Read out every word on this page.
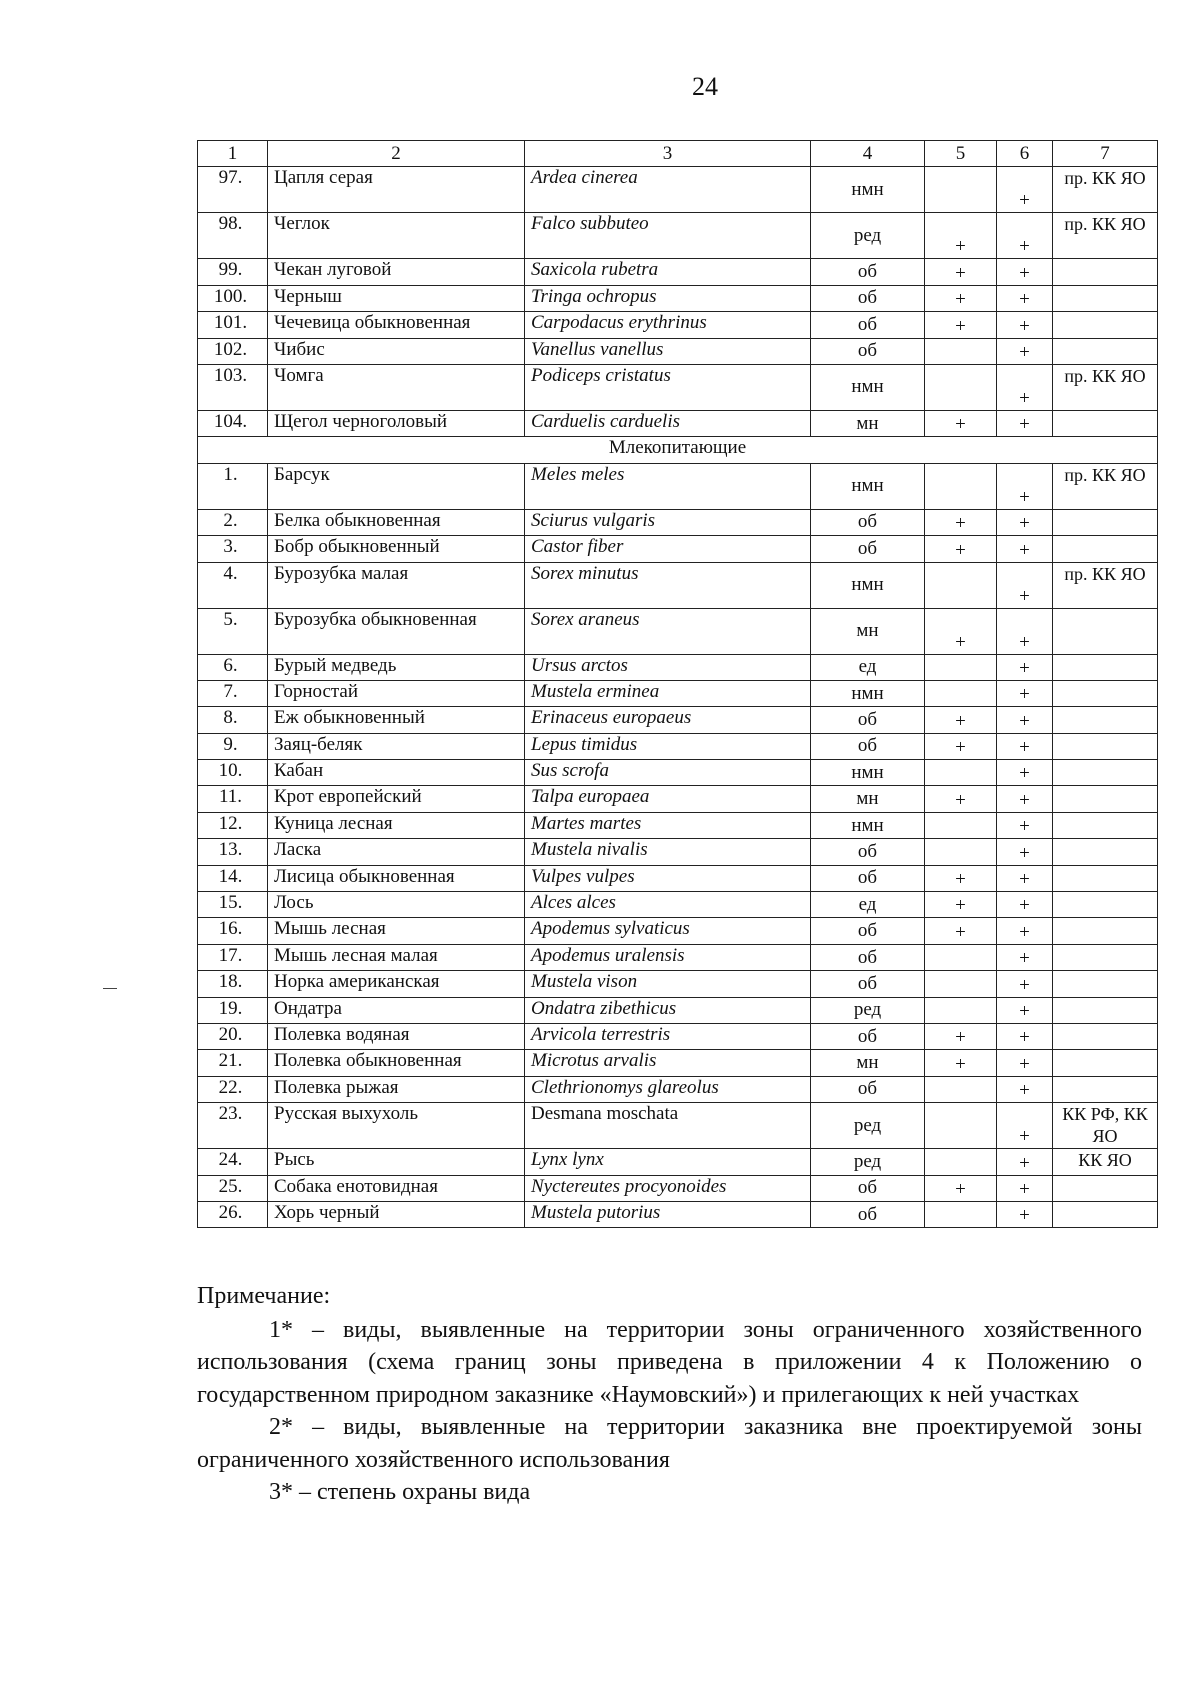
24
1	2	3	4	5	6	7
97.	Цапля серая	Ardea cinerea	нмн		+	пр. КК ЯО
98.	Чеглок	Falco subbuteo	ред	+	+	пр. КК ЯО
99.	Чекан луговой	Saxicola rubetra	об	+	+	
100.	Черныш	Tringa ochropus	об	+	+	
101.	Чечевица обыкновенная	Carpodacus erythrinus	об	+	+	
102.	Чибис	Vanellus vanellus	об		+	
103.	Чомга	Podiceps cristatus	нмн		+	пр. КК ЯО
104.	Щегол черноголовый	Carduelis carduelis	мн	+	+	
Млекопитающие						
1.	Барсук	Meles meles	нмн		+	пр. КК ЯО
2.	Белка обыкновенная	Sciurus vulgaris	об	+	+	
3.	Бобр обыкновенный	Castor fiber	об	+	+	
4.	Бурозубка малая	Sorex minutus	нмн		+	пр. КК ЯО
5.	Бурозубка обыкновенная	Sorex araneus	мн	+	+	
6.	Бурый медведь	Ursus arctos	ед		+	
7.	Горностай	Mustela erminea	нмн		+	
8.	Еж обыкновенный	Erinaceus europaeus	об	+	+	
9.	Заяц-беляк	Lepus timidus	об	+	+	
10.	Кабан	Sus scrofa	нмн		+	
11.	Крот европейский	Talpa europaea	мн	+	+	
12.	Куница лесная	Martes martes	нмн		+	
13.	Ласка	Mustela nivalis	об		+	
14.	Лисица обыкновенная	Vulpes vulpes	об	+	+	
15.	Лось	Alces alces	ед	+	+	
16.	Мышь лесная	Apodemus sylvaticus	об	+	+	
17.	Мышь лесная малая	Apodemus uralensis	об		+	
18.	Норка американская	Mustela vison	об		+	
19.	Ондатра	Ondatra zibethicus	ред		+	
20.	Полевка водяная	Arvicola terrestris	об	+	+	
21.	Полевка обыкновенная	Microtus arvalis	мн	+	+	
22.	Полевка рыжая	Clethrionomys glareolus	об		+	
23.	Русская выхухоль	Desmana moschata	ред		+	КК РФ, КК ЯО
24.	Рысь	Lynx lynx	ред		+	КК ЯО
25.	Собака енотовидная	Nyctereutes procyonoides	об	+	+	
26.	Хорь черный	Mustela putorius	об		+	

Примечание:

1* – виды, выявленные на территории зоны ограниченного хозяйственного использования (схема границ зоны приведена в приложении 4 к Положению о государственном природном заказнике «Наумовский») и прилегающих к ней участках

2* – виды, выявленные на территории заказника вне проектируемой зоны ограниченного хозяйственного использования

3* – степень охраны вида
